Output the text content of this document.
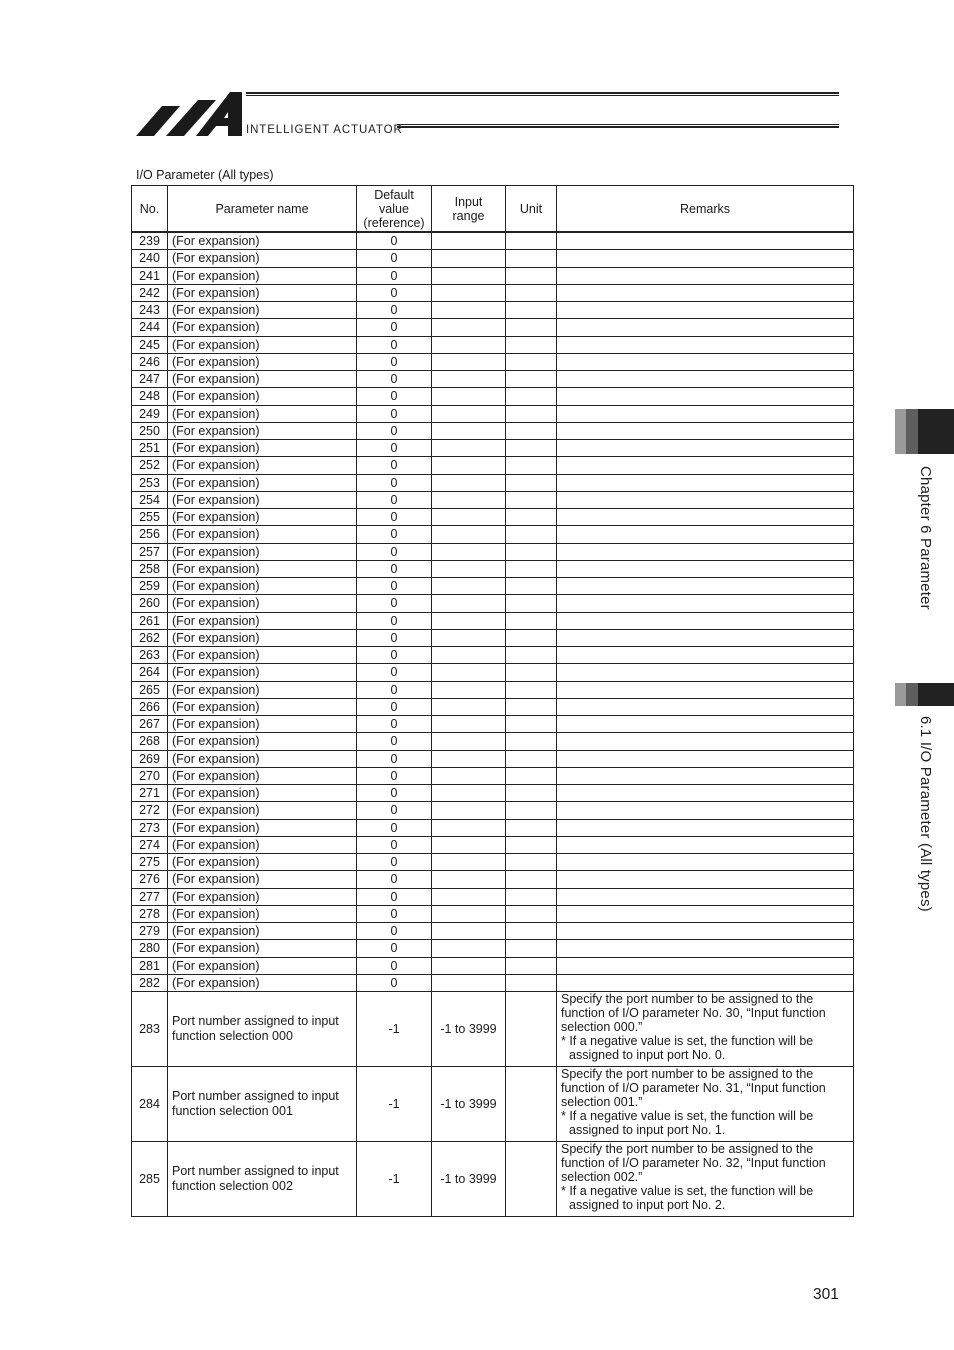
INTELLIGENT ACTUATOR
I/O Parameter (All types)
No.	Parameter name	Default
value
(reference)	Input
range	Unit	Remarks
239	(For expansion)	0			
240	(For expansion)	0			
241	(For expansion)	0			
242	(For expansion)	0			
243	(For expansion)	0			
244	(For expansion)	0			
245	(For expansion)	0			
246	(For expansion)	0			
247	(For expansion)	0			
248	(For expansion)	0			
249	(For expansion)	0			
250	(For expansion)	0			
251	(For expansion)	0			
252	(For expansion)	0			
253	(For expansion)	0			
254	(For expansion)	0			
255	(For expansion)	0			
256	(For expansion)	0			
257	(For expansion)	0			
258	(For expansion)	0			
259	(For expansion)	0			
260	(For expansion)	0			
261	(For expansion)	0			
262	(For expansion)	0			
263	(For expansion)	0			
264	(For expansion)	0			
265	(For expansion)	0			
266	(For expansion)	0			
267	(For expansion)	0			
268	(For expansion)	0			
269	(For expansion)	0			
270	(For expansion)	0			
271	(For expansion)	0			
272	(For expansion)	0			
273	(For expansion)	0			
274	(For expansion)	0			
275	(For expansion)	0			
276	(For expansion)	0			
277	(For expansion)	0			
278	(For expansion)	0			
279	(For expansion)	0			
280	(For expansion)	0			
281	(For expansion)	0			
282	(For expansion)	0			
283	Port number assigned to input
function selection 000	-1	-1 to 3999		Specify the port number to be assigned to the
function of I/O parameter No. 30, “Input function
selection 000.”
* If a negative value is set, the function will be assigned to input port No. 0.

284	Port number assigned to input
function selection 001	-1	-1 to 3999		Specify the port number to be assigned to the
function of I/O parameter No. 31, “Input function
selection 001.”
* If a negative value is set, the function will be assigned to input port No. 1.

285	Port number assigned to input
function selection 002	-1	-1 to 3999		Specify the port number to be assigned to the
function of I/O parameter No. 32, “Input function
selection 002.”
* If a negative value is set, the function will be assigned to input port No. 2.
Chapter 6 Parameter
6.1 I/O Parameter (All types)
301
